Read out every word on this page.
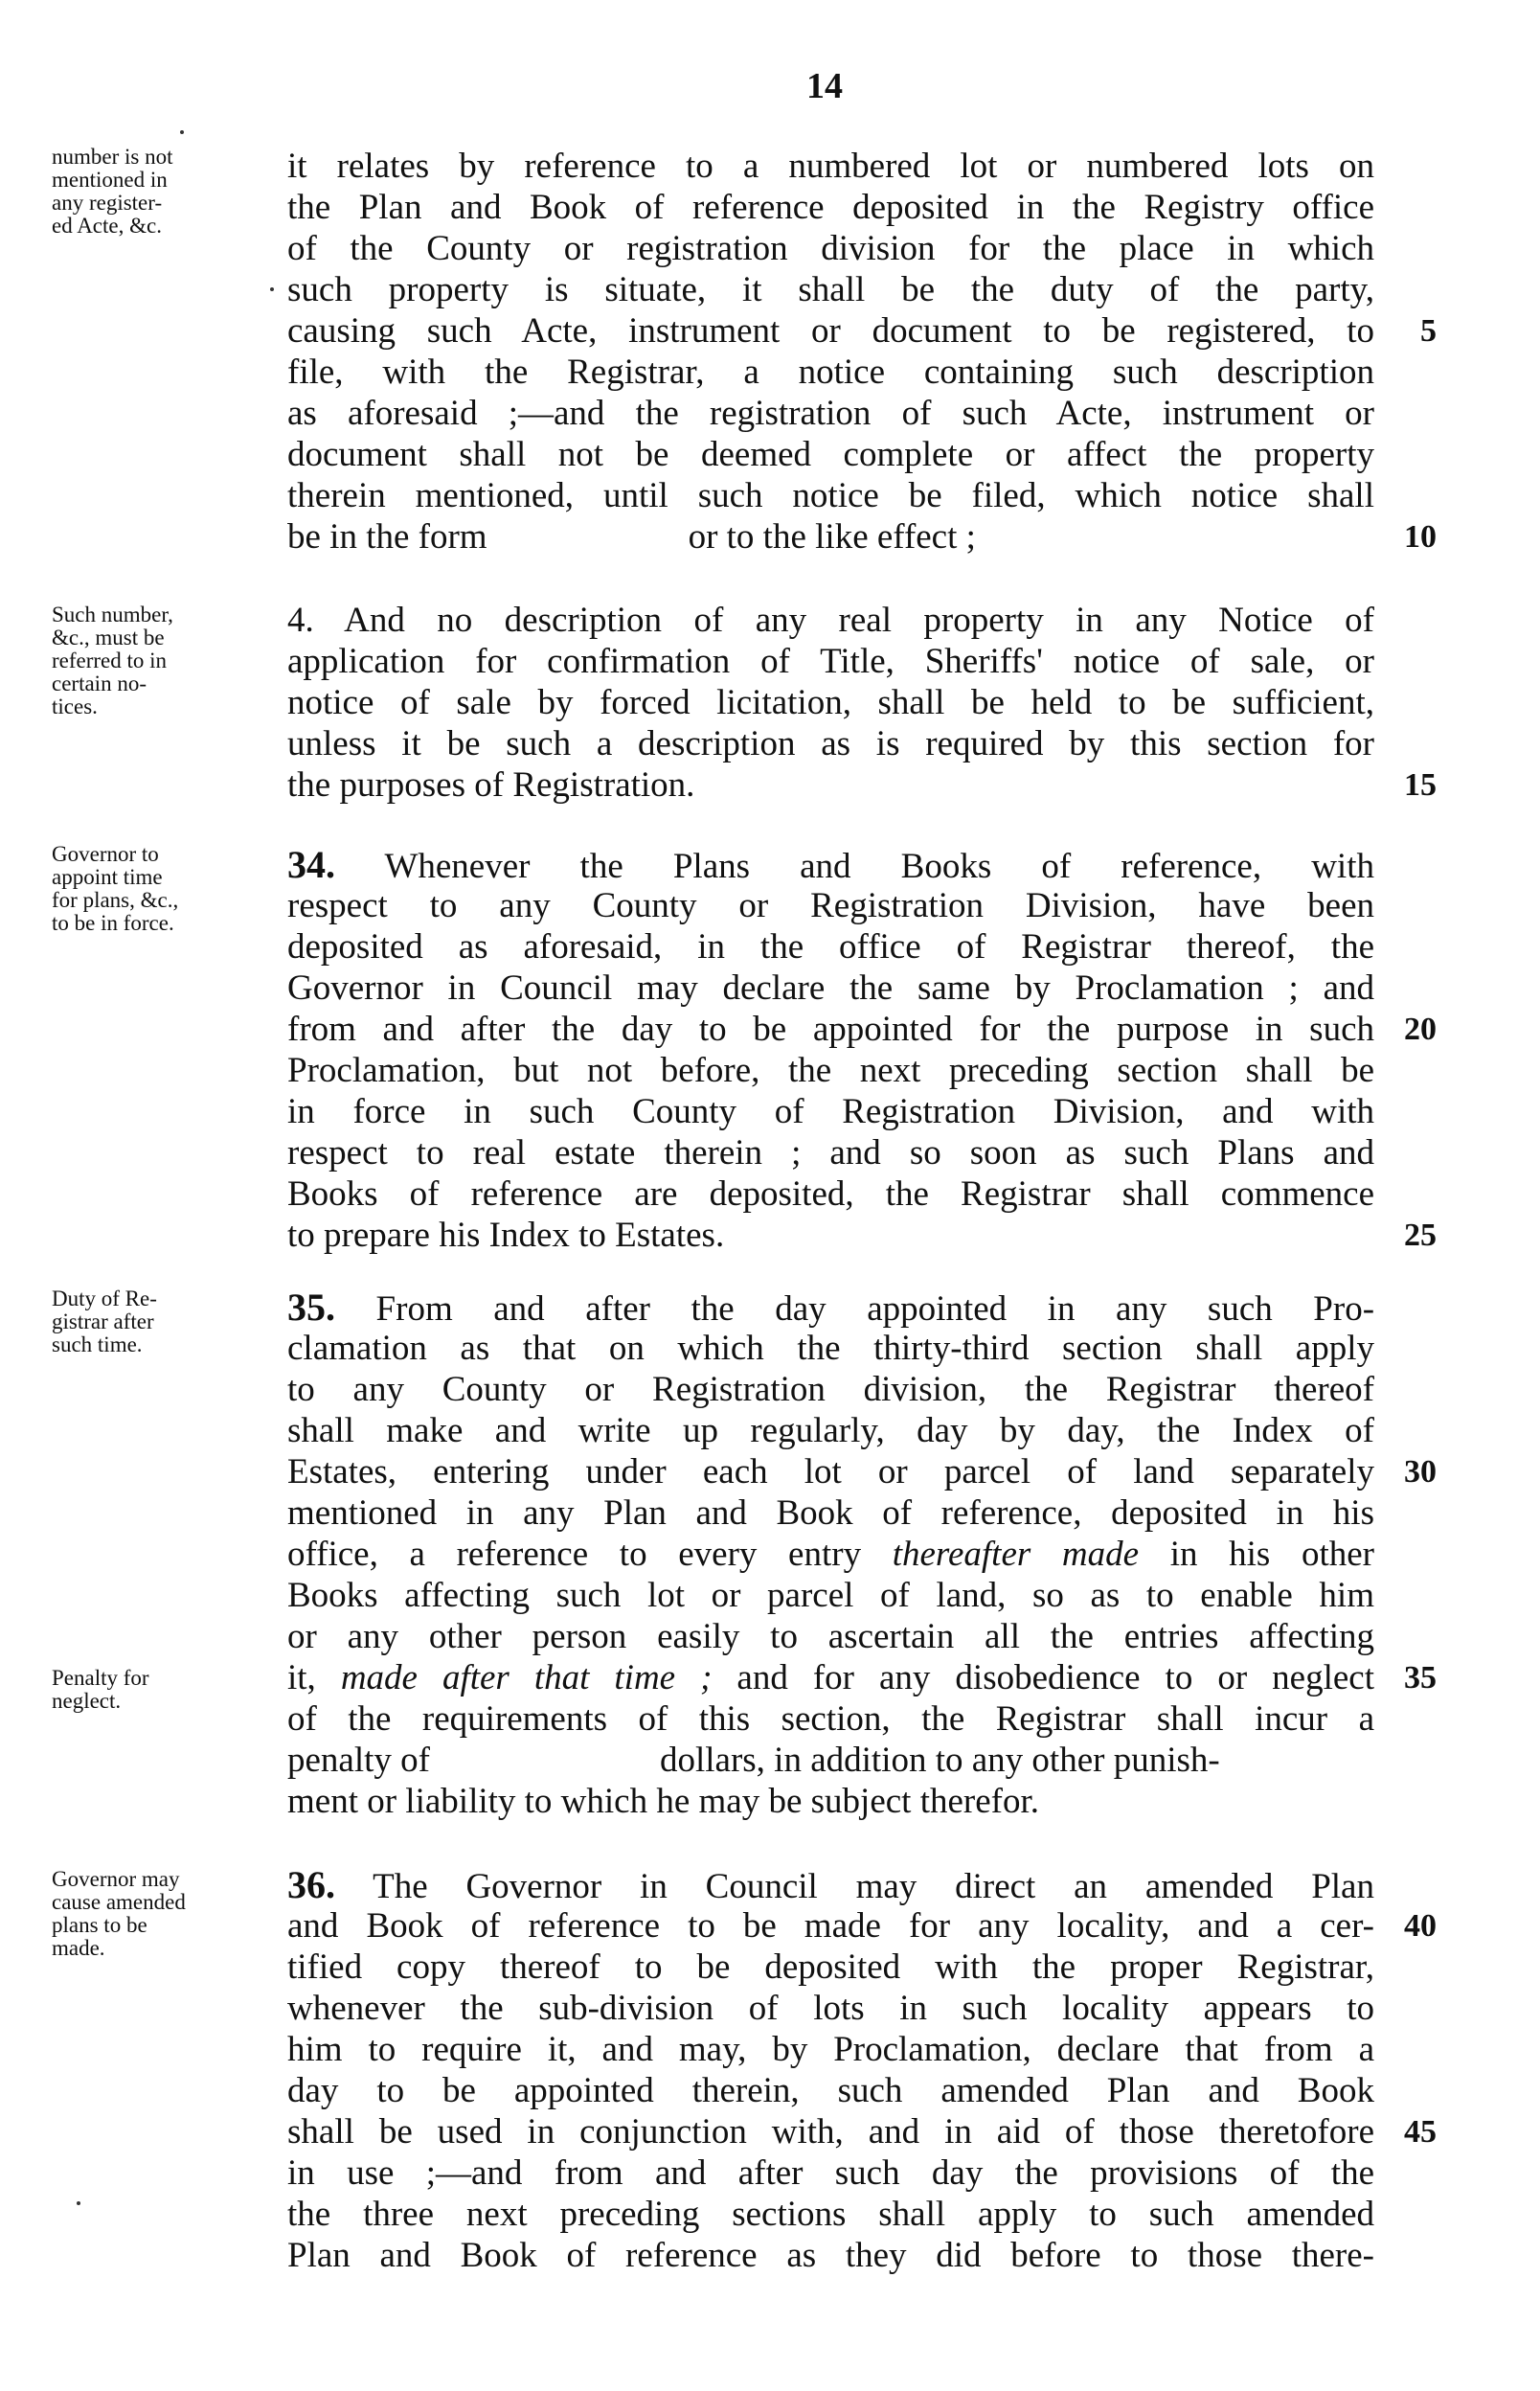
14
number is not
mentioned in
any register-
ed Acte, &c.
Such number,
&c., must be
referred to in
certain no-
tices.
Governor to
appoint time
for plans, &c.,
to be in force.
Duty of Re-
gistrar after
such time.
Penalty for
neglect.
Governor may
cause amended
plans to be
made.
it relates by reference to a numbered lot or numbered lots on
the Plan and Book of reference deposited in the Registry office
of the County or registration division for the place in which
such property is situate, it shall be the duty of the party,
causing such Acte, instrument or document to be registered, to
file, with the Registrar, a notice containing such description
as aforesaid ;—and the registration of such Acte, instrument or
document shall not be deemed complete or affect the property
therein mentioned, until such notice be filed, which notice shall
be in the form	or to the like effect ;
4. And no description of any real property in any Notice of
application for confirmation of Title, Sheriffs' notice of sale, or
notice of sale by forced licitation, shall be held to be sufficient,
unless it be such a description as is required by this section for
the purposes of Registration.
34. Whenever the Plans and Books of reference, with
respect to any County or Registration Division, have been
deposited as aforesaid, in the office of Registrar thereof, the
Governor in Council may declare the same by Proclamation ; and
from and after the day to be appointed for the purpose in such
Proclamation, but not before, the next preceding section shall be
in force in such County of Registration Division, and with
respect to real estate therein ; and so soon as such Plans and
Books of reference are deposited, the Registrar shall commence
to prepare his Index to Estates.
35. From and after the day appointed in any such Pro-
clamation as that on which the thirty-third section shall apply
to any County or Registration division, the Registrar thereof
shall make and write up regularly, day by day, the Index of
Estates, entering under each lot or parcel of land separately
mentioned in any Plan and Book of reference, deposited in his
office, a reference to every entry thereafter made in his other
Books affecting such lot or parcel of land, so as to enable him
or any other person easily to ascertain all the entries affecting
it, made after that time ; and for any disobedience to or neglect
of the requirements of this section, the Registrar shall incur a
penalty of	dollars, in addition to any other punish-
ment or liability to which he may be subject therefor.
36. The Governor in Council may direct an amended Plan
and Book of reference to be made for any locality, and a cer-
tified copy thereof to be deposited with the proper Registrar,
whenever the sub-division of lots in such locality appears to
him to require it, and may, by Proclamation, declare that from a
day to be appointed therein, such amended Plan and Book
shall be used in conjunction with, and in aid of those theretofore
in use ;—and from and after such day the provisions of the
the three next preceding sections shall apply to such amended
Plan and Book of reference as they did before to those there-
5
10
15
20
25
30
35
40
45
